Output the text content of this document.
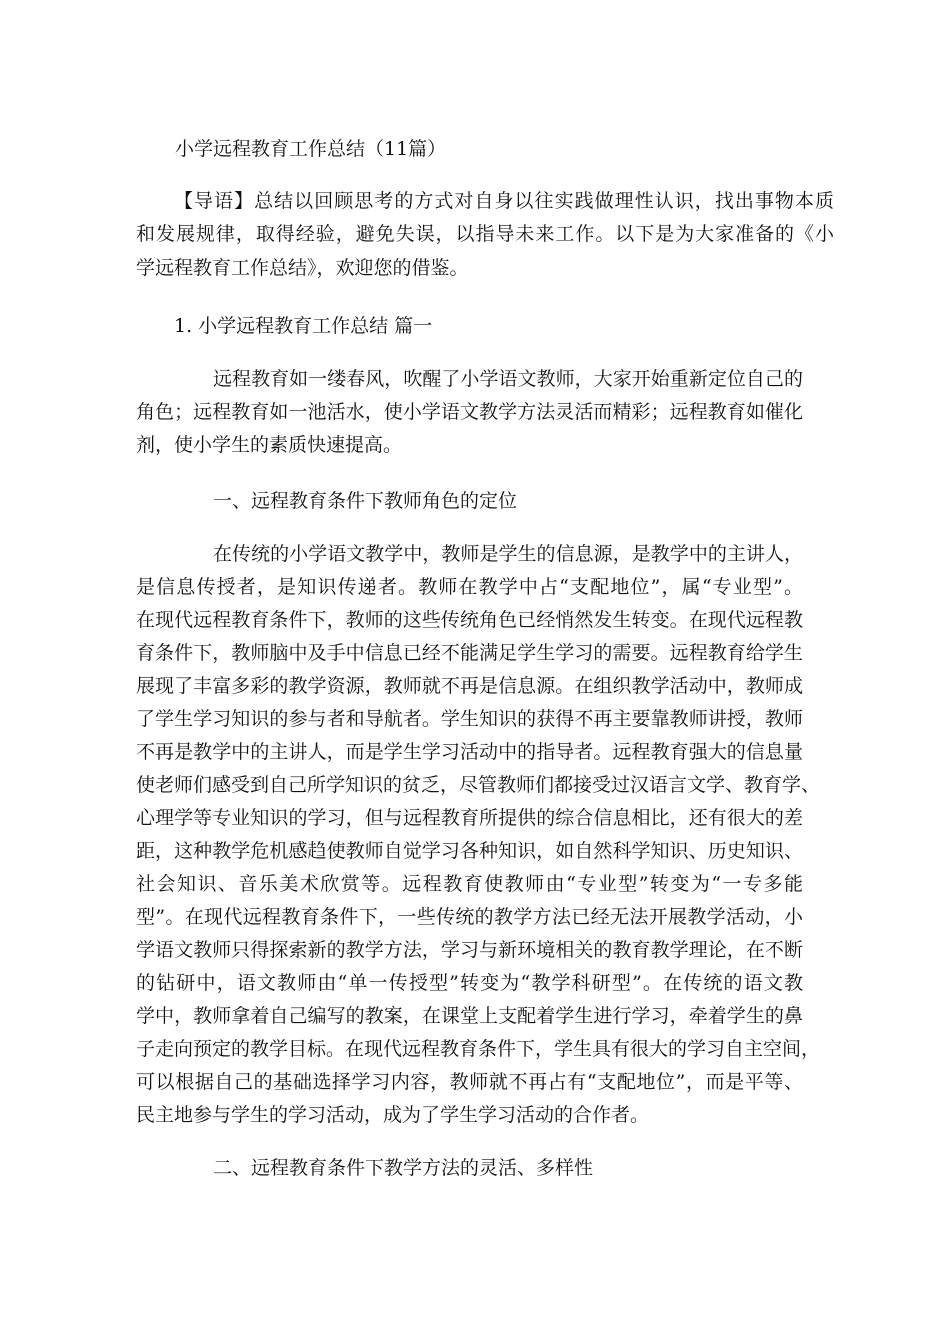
小学远程教育工作总结（11篇）

【导语】总结以回顾思考的方式对自身以往实践做理性认识，找出事物本质

和发展规律，取得经验，避免失误，以指导未来工作。以下是为大家准备的《小

学远程教育工作总结》，欢迎您的借鉴。

1. 小学远程教育工作总结 篇一

远程教育如一缕春风，吹醒了小学语文教师，大家开始重新定位自己的

角色；远程教育如一池活水，使小学语文教学方法灵活而精彩；远程教育如催化

剂，使小学生的素质快速提高。

一、远程教育条件下教师角色的定位

在传统的小学语文教学中，教师是学生的信息源，是教学中的主讲人，

是信息传授者，是知识传递者。教师在教学中占“支配地位”，属“专业型”。

在现代远程教育条件下，教师的这些传统角色已经悄然发生转变。在现代远程教

育条件下，教师脑中及手中信息已经不能满足学生学习的需要。远程教育给学生

展现了丰富多彩的教学资源，教师就不再是信息源。在组织教学活动中，教师成

了学生学习知识的参与者和导航者。学生知识的获得不再主要靠教师讲授，教师

不再是教学中的主讲人，而是学生学习活动中的指导者。远程教育强大的信息量

使老师们感受到自己所学知识的贫乏，尽管教师们都接受过汉语言文学、教育学、

心理学等专业知识的学习，但与远程教育所提供的综合信息相比，还有很大的差

距，这种教学危机感趋使教师自觉学习各种知识，如自然科学知识、历史知识、

社会知识、音乐美术欣赏等。远程教育使教师由“专业型”转变为“一专多能

型”。在现代远程教育条件下，一些传统的教学方法已经无法开展教学活动，小

学语文教师只得探索新的教学方法，学习与新环境相关的教育教学理论，在不断

的钻研中，语文教师由“单一传授型”转变为“教学科研型”。在传统的语文教

学中，教师拿着自己编写的教案，在课堂上支配着学生进行学习，牵着学生的鼻

子走向预定的教学目标。在现代远程教育条件下，学生具有很大的学习自主空间，

可以根据自己的基础选择学习内容，教师就不再占有“支配地位”，而是平等、

民主地参与学生的学习活动，成为了学生学习活动的合作者。

二、远程教育条件下教学方法的灵活、多样性
